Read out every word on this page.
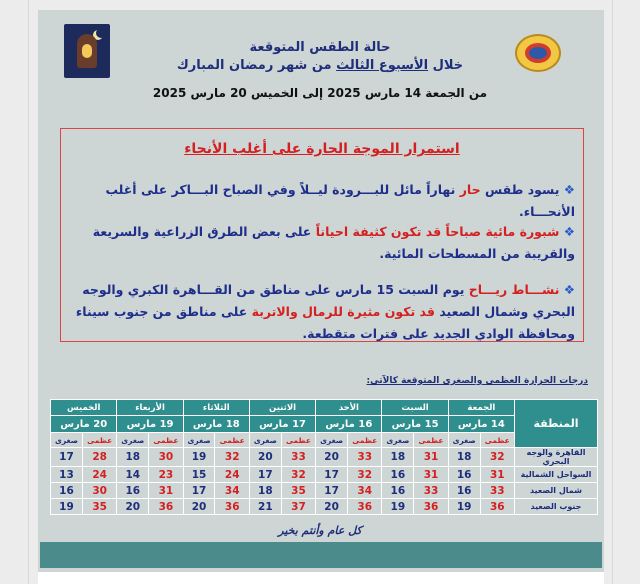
حالة الطقس المتوقعة
خلال الأسبوع الثالث من شهر رمضان المبارك
من الجمعة 14 مارس 2025 إلى الخميس 20 مارس 2025
استمرار الموجة الحارة على أغلب الأنحاء
❖ يسود طقس حار نهاراً مائل للبـــرودة ليــلاً وفي الصباح البـــاكر على أغلب الأنحـــاء.
❖ شبورة مائية صباحاً قد تكون كثيفة احياناً على بعض الطرق الزراعية والسريعة والقريبة من المسطحات المائية.
❖ نشـــاط ريـــاح يوم السبت 15 مارس على مناطق من القـــاهرة الكبري والوجه البحري وشمال الصعيد قد تكون مثيرة للرمال والاتربة على مناطق من جنوب سيناء ومحافظة الوادي الجديد على فترات متقطعة.
درجات الحرارة العظمى والصغرى المتوقعة كالآتي:
المنطقة	الجمعة		السبت		الأحد		الاثنين		الثلاثاء		الأربعاء		الخميس	
	14 مارس		15 مارس		16 مارس		17 مارس		18 مارس		19 مارس		20 مارس	
	عظمى	صغرى	عظمى	صغرى	عظمى	صغرى	عظمى	صغرى	عظمى	صغرى	عظمى	صغرى	عظمى	صغرى
القاهرة والوجه البحري	32	18	31	18	33	20	33	20	32	19	30	18	28	17
السواحل الشمالية	31	16	31	16	32	17	32	17	24	15	23	14	24	13
شمال الصعيد	33	16	33	16	34	17	35	18	34	17	31	16	30	16
جنوب الصعيد	36	19	36	19	36	20	37	21	36	20	36	20	35	19
كل عام وأنتم بخير
